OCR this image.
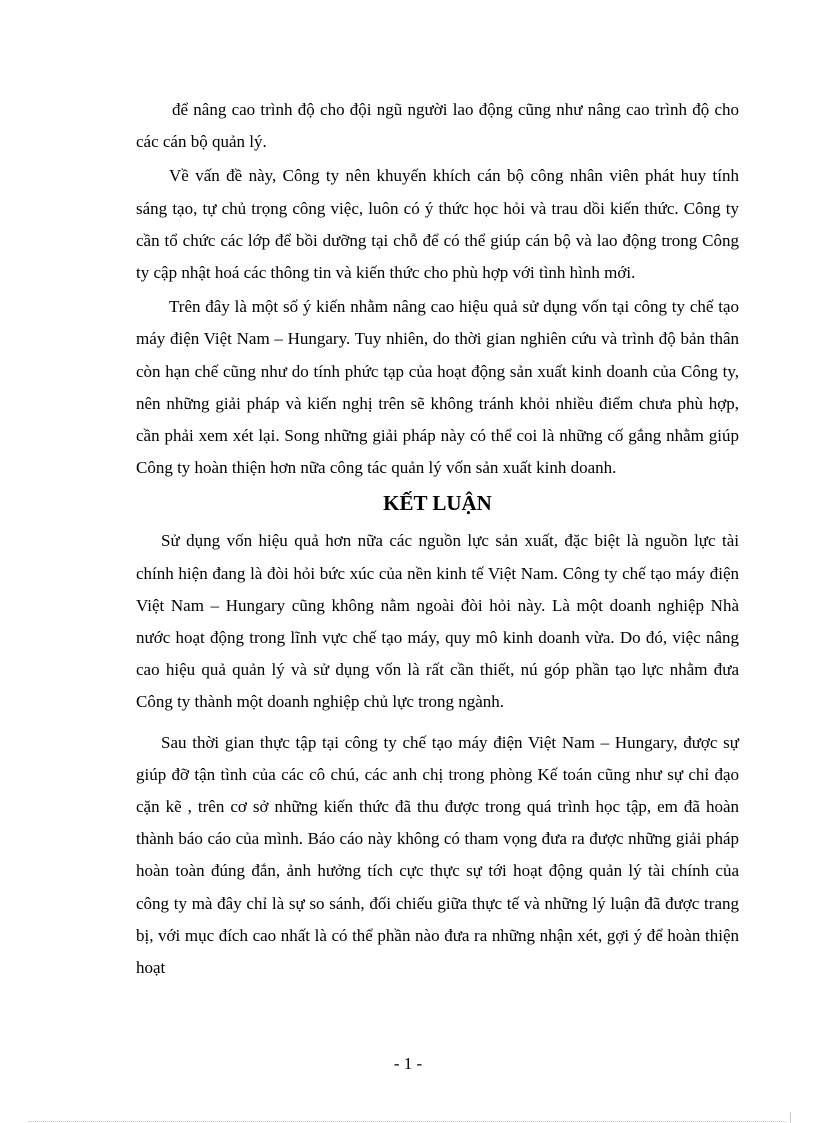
để nâng cao trình độ cho đội ngũ người lao động cũng như nâng cao trình độ cho các cán bộ quản lý.

Về vấn đề này, Công ty nên khuyến khích cán bộ công nhân viên phát huy tính sáng tạo, tự chủ trọng công việc, luôn có ý thức học hỏi và trau dồi kiến thức. Công ty cần tổ chức các lớp để bồi dưỡng tại chỗ để có thể giúp cán bộ và lao động trong Công ty cập nhật hoá các thông tin và kiến thức cho phù hợp với tình hình mới.

Trên đây là một số ý kiến nhằm nâng cao hiệu quả sử dụng vốn tại công ty chế tạo máy điện Việt Nam – Hungary. Tuy nhiên, do thời gian nghiên cứu và trình độ bản thân còn hạn chế cũng như do tính phức tạp của hoạt động sản xuất kinh doanh của Công ty, nên những giải pháp và kiến nghị trên sẽ không tránh khỏi nhiều điểm chưa phù hợp, cần phải xem xét lại. Song những giải pháp này có thể coi là những cố gắng nhằm giúp Công ty hoàn thiện hơn nữa công tác quản lý vốn sản xuất kinh doanh.

KẾT LUẬN

Sử dụng vốn hiệu quả hơn nữa các nguồn lực sản xuất, đặc biệt là nguồn lực tài chính hiện đang là đòi hỏi bức xúc của nền kinh tế Việt Nam. Công ty chế tạo máy điện Việt Nam – Hungary cũng không nằm ngoài đòi hỏi này. Là một doanh nghiệp Nhà nước hoạt động trong lĩnh vực chế tạo máy, quy mô kinh doanh vừa. Do đó, việc nâng cao hiệu quả quản lý và sử dụng vốn là rất cần thiết, nú góp phần tạo lực nhằm đưa Công ty thành một doanh nghiệp chủ lực trong ngành.

Sau thời gian thực tập tại công ty chế tạo máy điện Việt Nam – Hungary, được sự giúp đỡ tận tình của các cô chú, các anh chị trong phòng Kế toán cũng như sự chỉ đạo cặn kẽ , trên cơ sở những kiến thức đã thu được trong quá trình học tập, em đã hoàn thành báo cáo của mình. Báo cáo này không có tham vọng đưa ra được những giải pháp hoàn toàn đúng đắn, ảnh hưởng tích cực thực sự tới hoạt động quản lý tài chính của công ty mà đây chỉ là sự so sánh, đối chiếu giữa thực tế và những lý luận đã được trang bị, với mục đích cao nhất là có thể phần nào đưa ra những nhận xét, gợi ý để hoàn thiện hoạt

- 1 -
